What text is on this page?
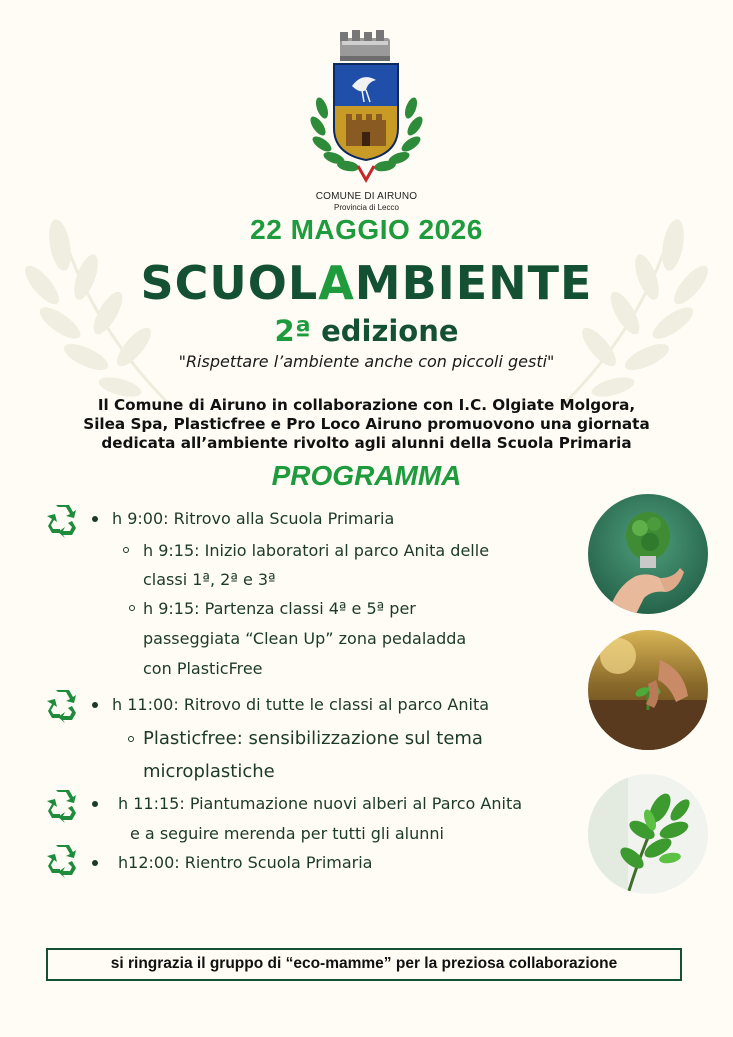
COMUNE DI AIRUNO
Provincia di Lecco
22 MAGGIO 2026
SCUOLAMBIENTE
2ª edizione
"Rispettare l’ambiente anche con piccoli gesti"
Il Comune di Airuno in collaborazione con I.C. Olgiate Molgora,
Silea Spa, Plasticfree e Pro Loco Airuno promuovono una giornata
dedicata all’ambiente rivolto agli alunni della Scuola Primaria
PROGRAMMA
h 9:00: Ritrovo alla Scuola Primaria
h 9:15: Inizio laboratori al parco Anita delle
classi 1ª, 2ª e 3ª
h 9:15: Partenza classi 4ª e 5ª per
passeggiata “Clean Up” zona pedaladda
con PlasticFree
h 11:00: Ritrovo di tutte le classi al parco Anita
Plasticfree: sensibilizzazione sul tema
microplastiche
h 11:15: Piantumazione nuovi alberi al Parco Anita
e a seguire merenda per tutti gli alunni
h12:00: Rientro Scuola Primaria
si ringrazia il gruppo di “eco-mamme” per la preziosa collaborazione
